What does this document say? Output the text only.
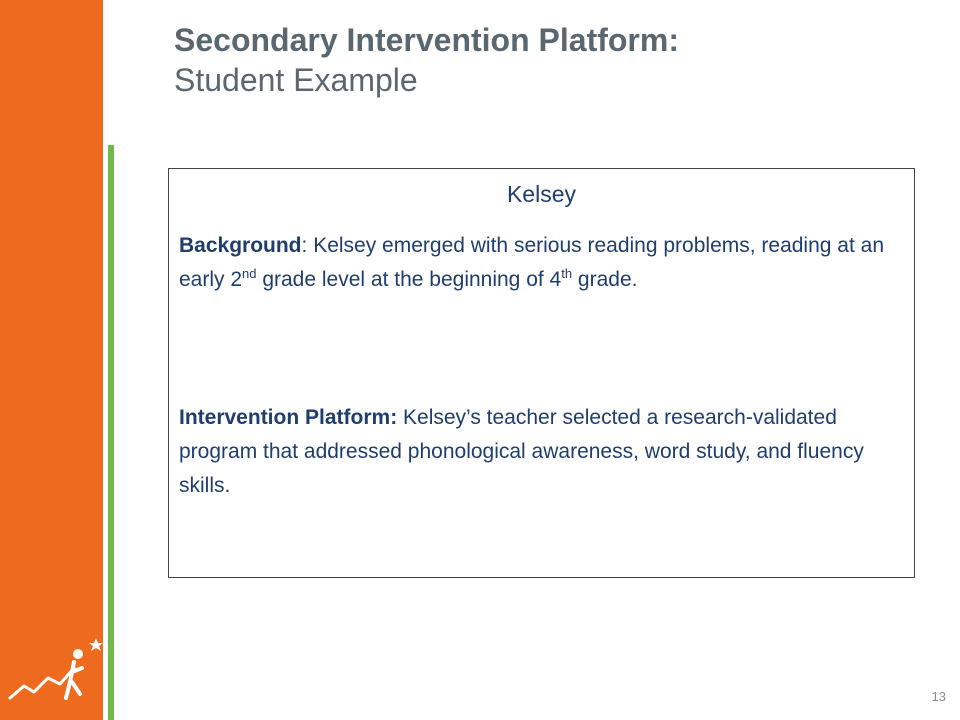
Secondary Intervention Platform:
Student Example
Kelsey
Background: Kelsey emerged with serious reading problems, reading at an early 2nd grade level at the beginning of 4th grade.
Intervention Platform: Kelsey’s teacher selected a research-validated program that addressed phonological awareness, word study, and fluency skills.
13
